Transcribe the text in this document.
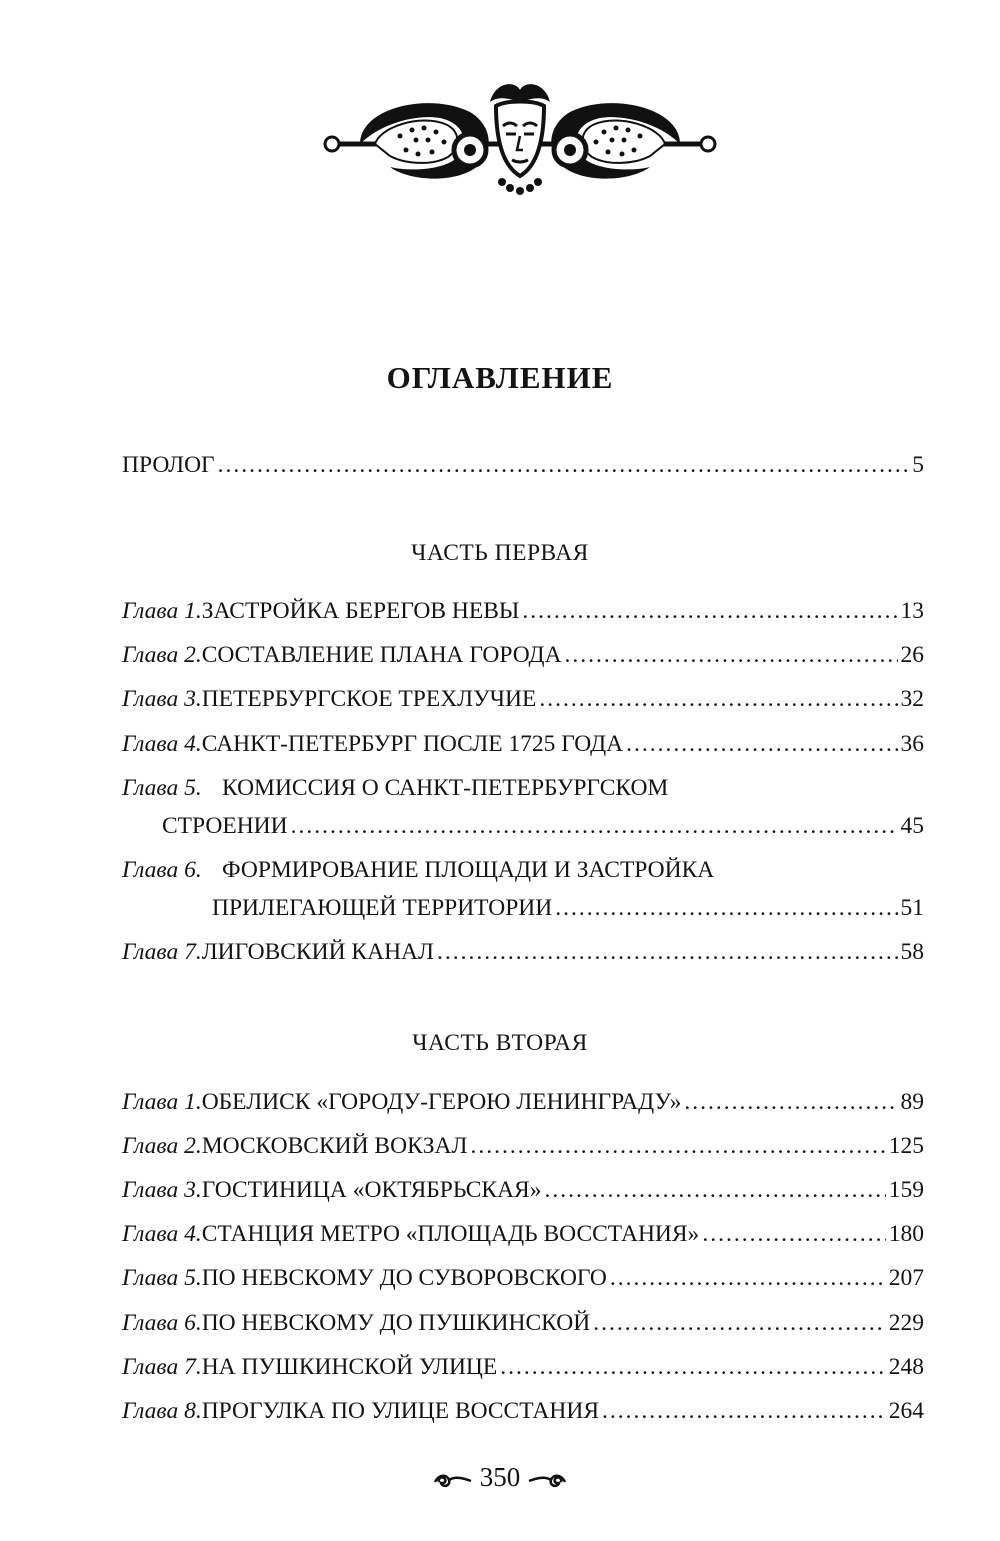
ОГЛАВЛЕНИЕ
ПРОЛОГ .....	5
ЧАСТЬ ПЕРВАЯ
Глава 1. ЗАСТРОЙКА БЕРЕГОВ НЕВЫ .....	13
Глава 2. СОСТАВЛЕНИЕ ПЛАНА ГОРОДА .....	26
Глава 3. ПЕТЕРБУРГСКОЕ ТРЕХЛУЧИЕ .....	32
Глава 4. САНКТ-ПЕТЕРБУРГ ПОСЛЕ 1725 ГОДА .....	36
Глава 5. КОМИССИЯ О САНКТ-ПЕТЕРБУРГСКОМ
СТРОЕНИИ .....	45
Глава 6. ФОРМИРОВАНИЕ ПЛОЩАДИ И ЗАСТРОЙКА
ПРИЛЕГАЮЩЕЙ ТЕРРИТОРИИ .....	51
Глава 7. ЛИГОВСКИЙ КАНАЛ .....	58
ЧАСТЬ ВТОРАЯ
Глава 1. ОБЕЛИСК «ГОРОДУ-ГЕРОЮ ЛЕНИНГРАДУ» .....	89
Глава 2. МОСКОВСКИЙ ВОКЗАЛ .....	125
Глава 3. ГОСТИНИЦА «ОКТЯБРЬСКАЯ» .....	159
Глава 4. СТАНЦИЯ МЕТРО «ПЛОЩАДЬ ВОССТАНИЯ» .....	180
Глава 5. ПО НЕВСКОМУ ДО СУВОРОВСКОГО .....	207
Глава 6. ПО НЕВСКОМУ ДО ПУШКИНСКОЙ .....	229
Глава 7. НА ПУШКИНСКОЙ УЛИЦЕ .....	248
Глава 8. ПРОГУЛКА ПО УЛИЦЕ ВОССТАНИЯ .....	264
350
